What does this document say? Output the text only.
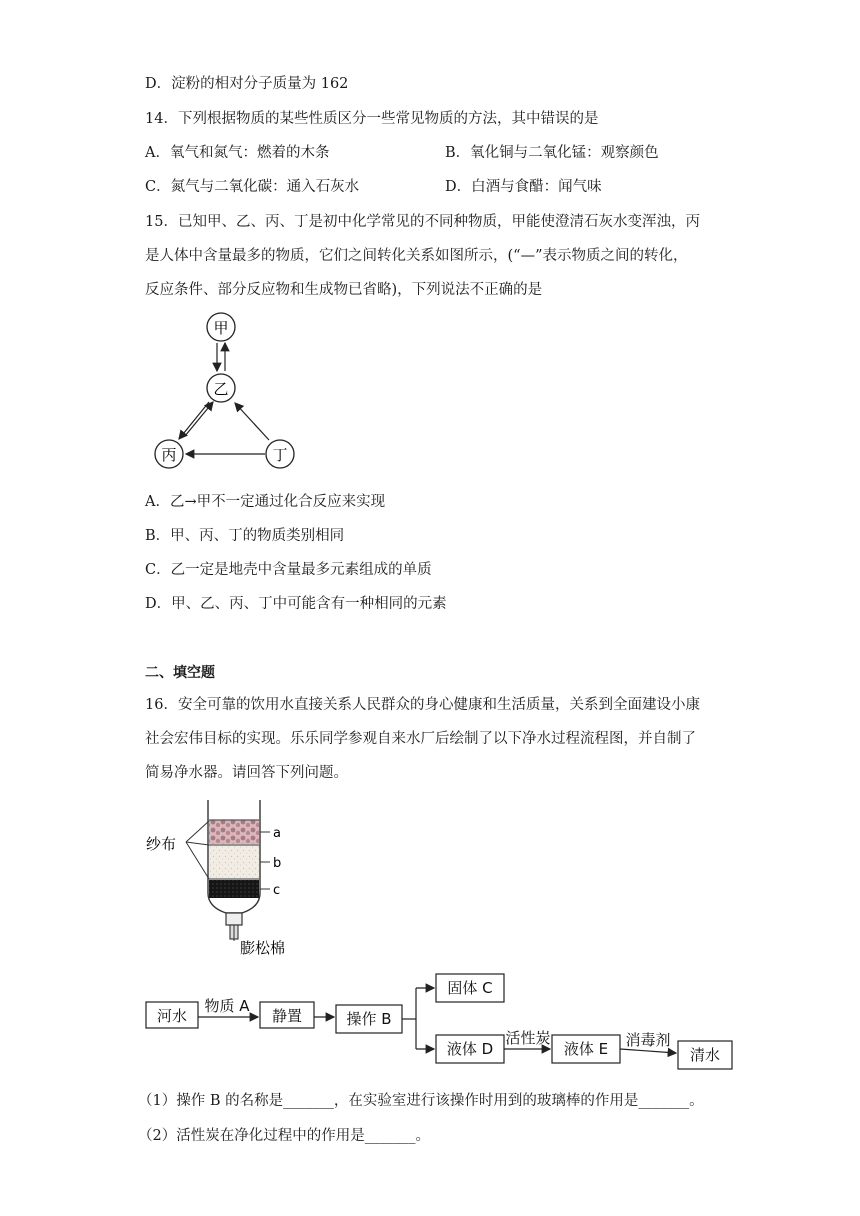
D．淀粉的相对分子质量为 162
14．下列根据物质的某些性质区分一些常见物质的方法，其中错误的是
A．氧气和氮气：燃着的木条	B．氧化铜与二氧化锰：观察颜色
C．氮气与二氧化碳：通入石灰水	D．白酒与食醋：闻气味
15．已知甲、乙、丙、丁是初中化学常见的不同种物质，甲能使澄清石灰水变浑浊，丙
是人体中含量最多的物质，它们之间转化关系如图所示，(“—”表示物质之间的转化，
反应条件、部分反应物和生成物已省略)，下列说法不正确的是
甲
乙
丙	丁
A．乙→甲不一定通过化合反应来实现
B．甲、丙、丁的物质类别相同
C．乙一定是地壳中含量最多元素组成的单质
D．甲、乙、丙、丁中可能含有一种相同的元素
二、填空题
16．安全可靠的饮用水直接关系人民群众的身心健康和生活质量，关系到全面建设小康
社会宏伟目标的实现。乐乐同学参观自来水厂后绘制了以下净水过程流程图，并自制了
简易净水器。请回答下列问题。
纱布
a
b
c
膨松棉
河水
物质 A
静置	操作 B
固体 C
液体 D
活性炭
液体 E 消毒剂
清水
（1）操作 B 的名称是_______，在实验室进行该操作时用到的玻璃棒的作用是_______。
（2）活性炭在净化过程中的作用是_______。
